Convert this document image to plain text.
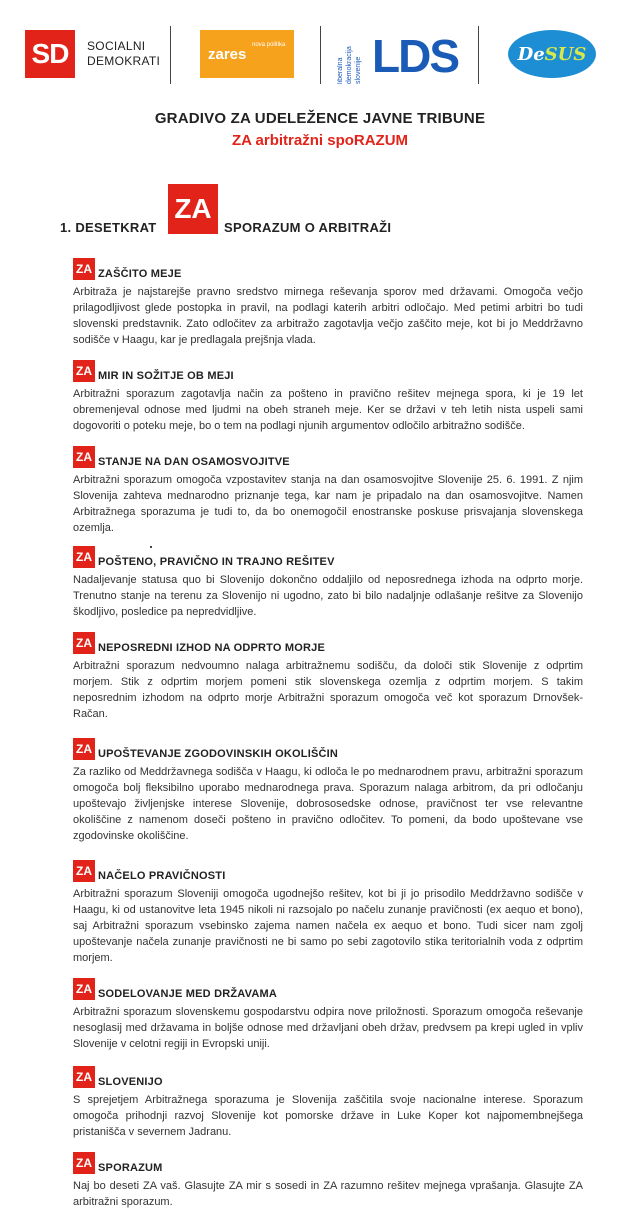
SD	SOCIALNI
DEMOKRATI	zares
nova politika
liberalna demokracija slovenije LDS	De SUS
GRADIVO ZA UDELEŽENCE JAVNE TRIBUNE
ZA arbitražni spoRAZUM
1. DESETKRAT
ZA
SPORAZUM O ARBITRAŽI
ZA ZAŠČITO MEJE
Arbitraža je najstarejše pravno sredstvo mirnega reševanja sporov med državami. Omogoča večjo prilagodljivost glede postopka in pravil, na podlagi katerih arbitri odločajo. Med petimi arbitri bo tudi slovenski predstavnik. Zato odločitev za arbitražo zagotavlja večjo zaščito meje, kot bi jo Meddržavno sodišče v Haagu, kar je predlagala prejšnja vlada.
ZA MIR IN SOŽITJE OB MEJI
Arbitražni sporazum zagotavlja način za pošteno in pravično rešitev mejnega spora, ki je 19 let obremenjeval odnose med ljudmi na obeh straneh meje. Ker se državi v teh letih nista uspeli sami dogovoriti o poteku meje, bo o tem na podlagi njunih argumentov odločilo arbitražno sodišče.
ZA STANJE NA DAN OSAMOSVOJITVE
Arbitražni sporazum omogoča vzpostavitev stanja na dan osamosvojitve Slovenije 25. 6. 1991. Z njim Slovenija zahteva mednarodno priznanje tega, kar nam je pripadalo na dan osamosvojitve. Namen Arbitražnega sporazuma je tudi to, da bo onemogočil enostranske poskuse prisvajanja slovenskega ozemlja.
ZA POŠTENO, PRAVIČNO IN TRAJNO REŠITEV
Nadaljevanje statusa quo bi Slovenijo dokončno oddaljilo od neposrednega izhoda na odprto morje. Trenutno stanje na terenu za Slovenijo ni ugodno, zato bi bilo nadaljnje odlašanje rešitve za Slovenijo škodljivo, posledice pa nepredvidljive.
ZA NEPOSREDNI IZHOD NA ODPRTO MORJE
Arbitražni sporazum nedvoumno nalaga arbitražnemu sodišču, da določi stik Slovenije z odprtim morjem. Stik z odprtim morjem pomeni stik slovenskega ozemlja z odprtim morjem. S takim neposrednim izhodom na odprto morje Arbitražni sporazum omogoča več kot sporazum Drnovšek-Račan.
ZA UPOŠTEVANJE ZGODOVINSKIH OKOLIŠČIN
Za razliko od Meddržavnega sodišča v Haagu, ki odloča le po mednarodnem pravu, arbitražni sporazum omogoča bolj fleksibilno uporabo mednarodnega prava. Sporazum nalaga arbitrom, da pri odločanju upoštevajo življenjske interese Slovenije, dobrososedske odnose, pravičnost ter vse relevantne okoliščine z namenom doseči pošteno in pravično odločitev. To pomeni, da bodo upoštevane vse zgodovinske okoliščine.
ZA NAČELO PRAVIČNOSTI
Arbitražni sporazum Sloveniji omogoča ugodnejšo rešitev, kot bi ji jo prisodilo Meddržavno sodišče v Haagu, ki od ustanovitve leta 1945 nikoli ni razsojalo po načelu zunanje pravičnosti (ex aequo et bono), saj Arbitražni sporazum vsebinsko zajema namen načela ex aequo et bono. Tudi sicer nam zgolj upoštevanje načela zunanje pravičnosti ne bi samo po sebi zagotovilo stika teritorialnih voda z odprtim morjem.
ZA SODELOVANJE MED DRŽAVAMA
Arbitražni sporazum slovenskemu gospodarstvu odpira nove priložnosti. Sporazum omogoča reševanje nesoglasij med državama in boljše odnose med državljani obeh držav, predvsem pa krepi ugled in vpliv Slovenije v celotni regiji in Evropski uniji.
ZA SLOVENIJO
S sprejetjem Arbitražnega sporazuma je Slovenija zaščitila svoje nacionalne interese. Sporazum omogoča prihodnji razvoj Slovenije kot pomorske države in Luke Koper kot najpomembnejšega pristanišča v severnem Jadranu.
ZA SPORAZUM
Naj bo deseti ZA vaš. Glasujte ZA mir s sosedi in ZA razumno rešitev mejnega vprašanja. Glasujte ZA arbitražni sporazum.
